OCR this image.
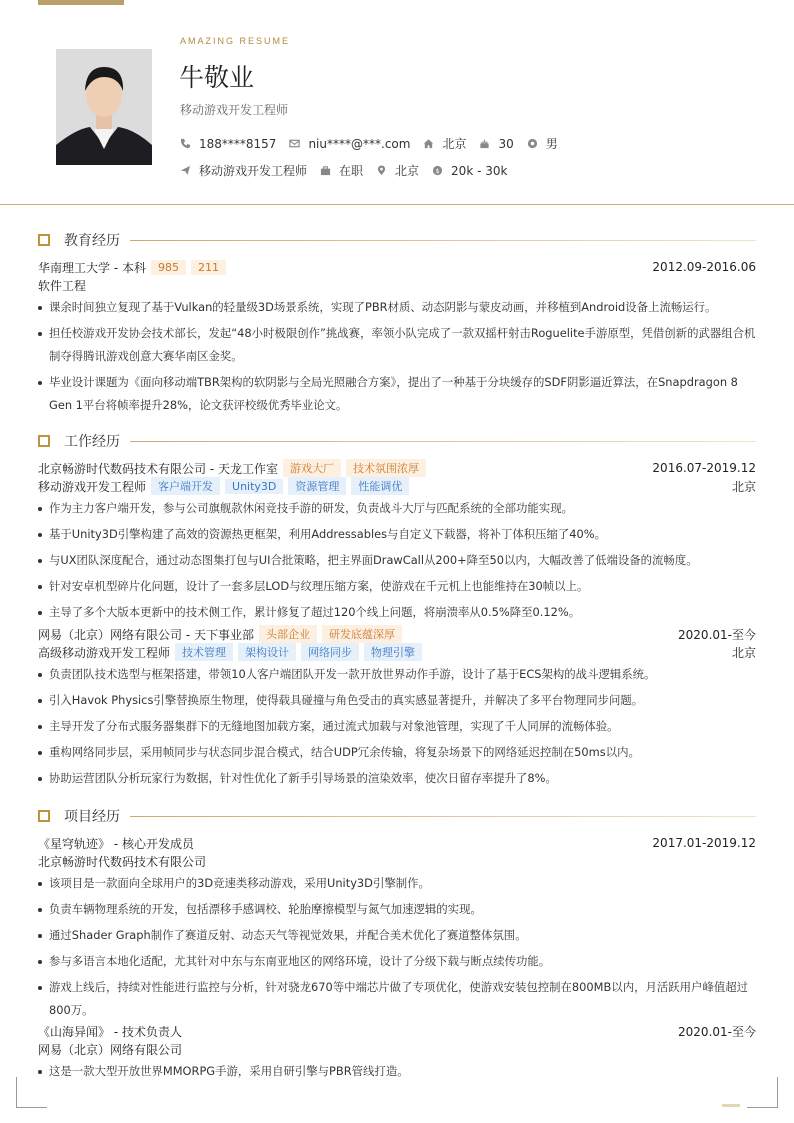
AMAZING RESUME
牛敬业
移动游戏开发工程师
188****8157	niu****@***.com	北京	30	男
移动游戏开发工程师	在职	北京 $ 20k - 30k
教育经历
华南理工大学 - 本科	985	211	2012.09-2016.06
软件工程
课余时间独立复现了基于Vulkan的轻量级3D场景系统，实现了PBR材质、动态阴影与蒙皮动画，并移植到Android设备上流畅运行。
担任校游戏开发协会技术部长，发起“48小时极限创作”挑战赛，率领小队完成了一款双摇杆射击Roguelite手游原型，凭借创新的武器组合机制夺得腾讯游戏创意大赛华南区金奖。
毕业设计课题为《面向移动端TBR架构的软阴影与全局光照融合方案》，提出了一种基于分块缓存的SDF阴影逼近算法，在Snapdragon 8 Gen 1平台将帧率提升28%，论文获评校级优秀毕业论文。
工作经历
北京畅游时代数码技术有限公司 - 天龙工作室	游戏大厂	技术氛围浓厚	2016.07-2019.12
移动游戏开发工程师	客户端开发	Unity3D	资源管理	性能调优	北京
作为主力客户端开发，参与公司旗舰款休闲竞技手游的研发，负责战斗大厅与匹配系统的全部功能实现。
基于Unity3D引擎构建了高效的资源热更框架，利用Addressables与自定义下载器，将补丁体积压缩了40%。
与UX团队深度配合，通过动态图集打包与UI合批策略，把主界面DrawCall从200+降至50以内，大幅改善了低端设备的流畅度。
针对安卓机型碎片化问题，设计了一套多层LOD与纹理压缩方案，使游戏在千元机上也能维持在30帧以上。
主导了多个大版本更新中的技术侧工作，累计修复了超过120个线上问题，将崩溃率从0.5%降至0.12%。
网易（北京）网络有限公司 - 天下事业部	头部企业	研发底蕴深厚	2020.01-至今
高级移动游戏开发工程师	技术管理	架构设计	网络同步	物理引擎	北京
负责团队技术选型与框架搭建，带领10人客户端团队开发一款开放世界动作手游，设计了基于ECS架构的战斗逻辑系统。
引入Havok Physics引擎替换原生物理，使得载具碰撞与角色受击的真实感显著提升，并解决了多平台物理同步问题。
主导开发了分布式服务器集群下的无缝地图加载方案，通过流式加载与对象池管理，实现了千人同屏的流畅体验。
重构网络同步层，采用帧同步与状态同步混合模式，结合UDP冗余传输，将复杂场景下的网络延迟控制在50ms以内。
协助运营团队分析玩家行为数据，针对性优化了新手引导场景的渲染效率，使次日留存率提升了8%。
项目经历
《星穹轨迹》 - 核心开发成员	2017.01-2019.12
北京畅游时代数码技术有限公司
该项目是一款面向全球用户的3D竞速类移动游戏，采用Unity3D引擎制作。
负责车辆物理系统的开发，包括漂移手感调校、轮胎摩擦模型与氮气加速逻辑的实现。
通过Shader Graph制作了赛道反射、动态天气等视觉效果，并配合美术优化了赛道整体氛围。
参与多语言本地化适配，尤其针对中东与东南亚地区的网络环境，设计了分级下载与断点续传功能。
游戏上线后，持续对性能进行监控与分析，针对骁龙670等中端芯片做了专项优化，使游戏安装包控制在800MB以内，月活跃用户峰值超过800万。
《山海异闻》 - 技术负责人	2020.01-至今
网易（北京）网络有限公司
这是一款大型开放世界MMORPG手游，采用自研引擎与PBR管线打造。
